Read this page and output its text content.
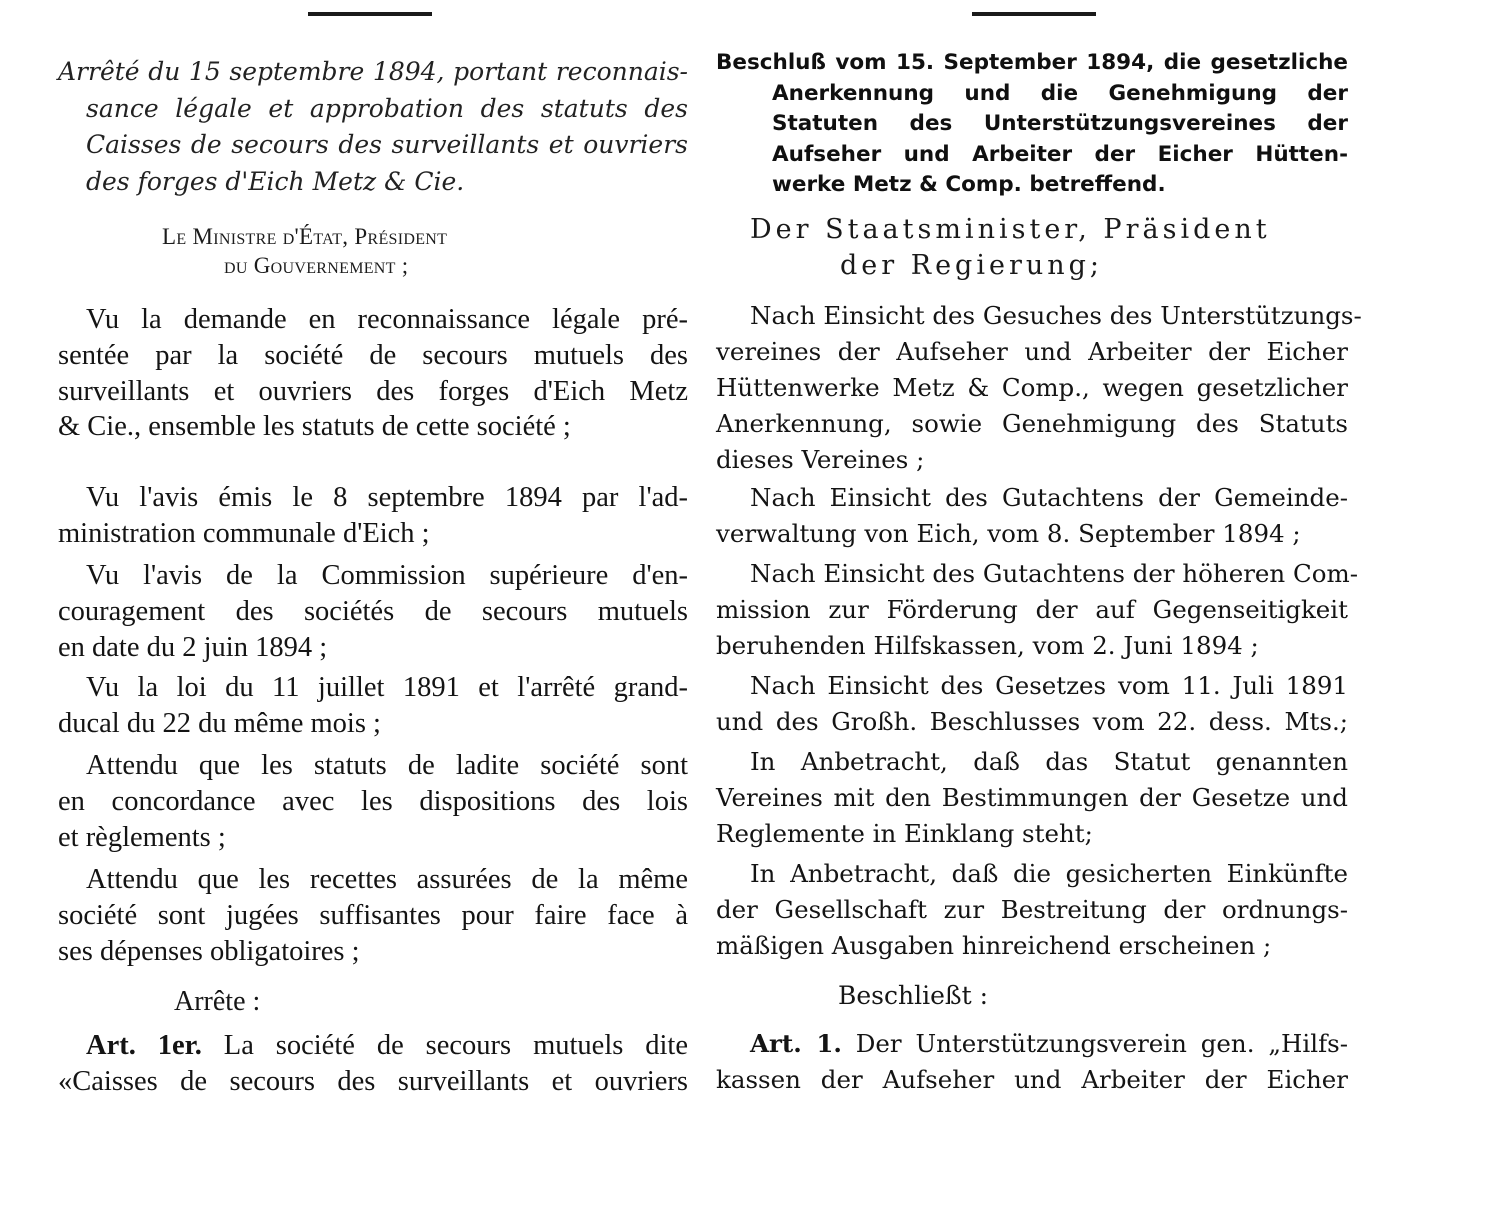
Arrêté du 15 septembre 1894, portant reconnais-
sance légale et approbation des statuts des
Caisses de secours des surveillants et ouvriers
des forges d'Eich Metz & Cie.
Le Ministre d'État, Président
du Gouvernement ;
Vu la demande en reconnaissance légale pré-
sentée par la société de secours mutuels des
surveillants et ouvriers des forges d'Eich Metz
& Cie., ensemble les statuts de cette société ;
Vu l'avis émis le 8 septembre 1894 par l'ad-
ministration communale d'Eich ;
Vu l'avis de la Commission supérieure d'en-
couragement des sociétés de secours mutuels
en date du 2 juin 1894 ;
Vu la loi du 11 juillet 1891 et l'arrêté grand-
ducal du 22 du même mois ;
Attendu que les statuts de ladite société sont
en concordance avec les dispositions des lois
et règlements ;
Attendu que les recettes assurées de la même
société sont jugées suffisantes pour faire face à
ses dépenses obligatoires ;
Arrête :
Art. 1er. La société de secours mutuels dite
«Caisses de secours des surveillants et ouvriers
Beschluß vom 15. September 1894, die gesetzliche
Anerkennung und die Genehmigung der
Statuten des Unterstützungsvereines der
Aufseher und Arbeiter der Eicher Hütten-
werke Metz & Comp. betreffend.
Der Staatsminister, Präsident
der Regierung;
Nach Einsicht des Gesuches des Unterstützungs-
vereines der Aufseher und Arbeiter der Eicher
Hüttenwerke Metz & Comp., wegen gesetzlicher
Anerkennung, sowie Genehmigung des Statuts
dieses Vereines ;
Nach Einsicht des Gutachtens der Gemeinde-
verwaltung von Eich, vom 8. September 1894 ;
Nach Einsicht des Gutachtens der höheren Com-
mission zur Förderung der auf Gegenseitigkeit
beruhenden Hilfskassen, vom 2. Juni 1894 ;
Nach Einsicht des Gesetzes vom 11. Juli 1891
und des Großh. Beschlusses vom 22. dess. Mts.;
In Anbetracht, daß das Statut genannten
Vereines mit den Bestimmungen der Gesetze und
Reglemente in Einklang steht;
In Anbetracht, daß die gesicherten Einkünfte
der Gesellschaft zur Bestreitung der ordnungs-
mäßigen Ausgaben hinreichend erscheinen ;
Beschließt :
Art. 1. Der Unterstützungsverein gen. „Hilfs-
kassen der Aufseher und Arbeiter der Eicher
